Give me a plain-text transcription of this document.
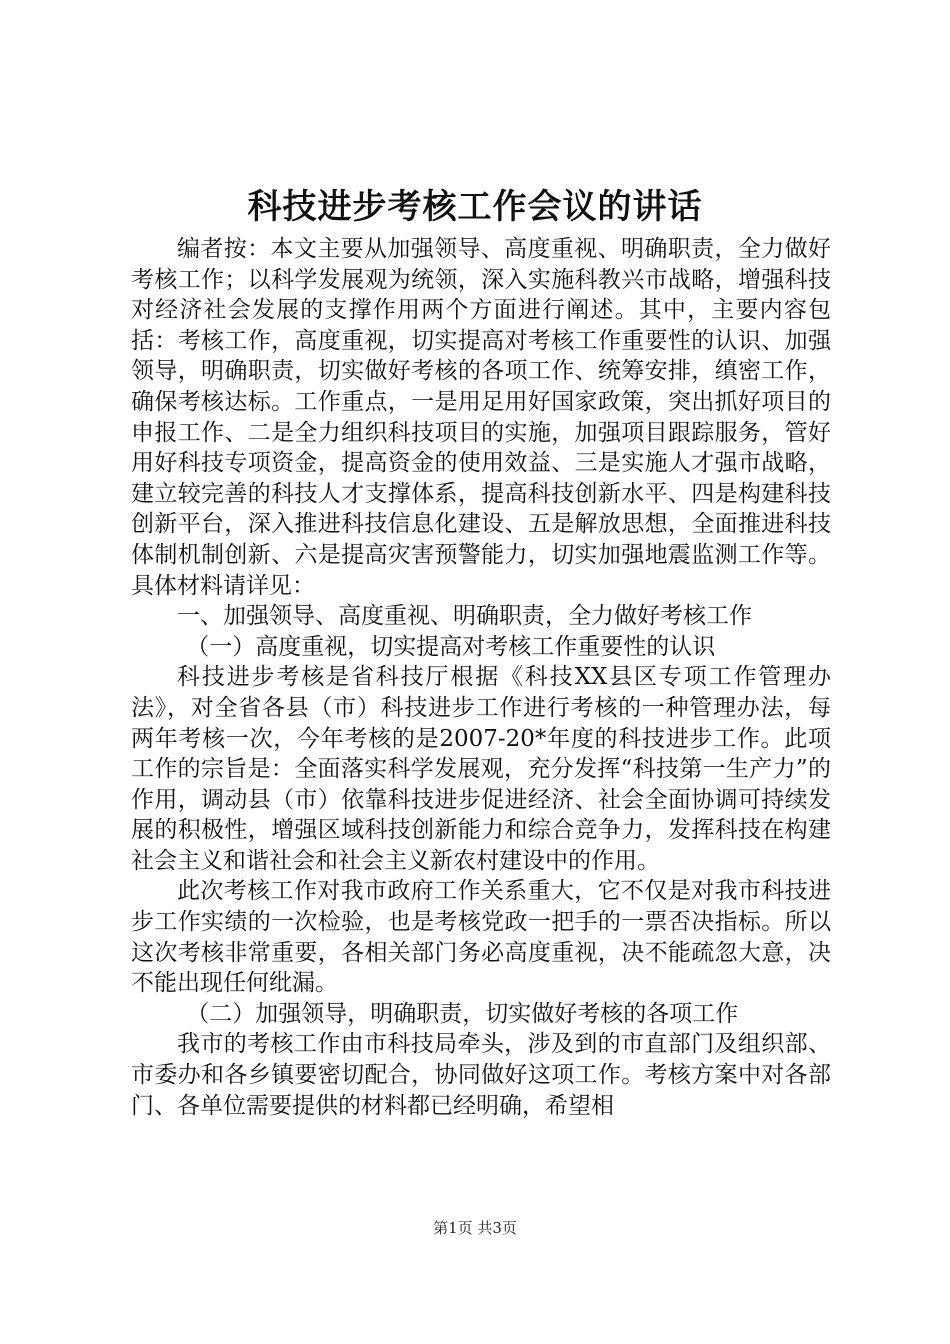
科技进步考核工作会议的讲话

编者按：本文主要从加强领导、高度重视、明确职责，全力做好考核工作；以科学发展观为统领，深入实施科教兴市战略，增强科技对经济社会发展的支撑作用两个方面进行阐述。其中，主要内容包括：考核工作，高度重视，切实提高对考核工作重要性的认识、加强领导，明确职责，切实做好考核的各项工作、统筹安排，缜密工作，确保考核达标。工作重点，一是用足用好国家政策，突出抓好项目的申报工作、二是全力组织科技项目的实施，加强项目跟踪服务，管好用好科技专项资金，提高资金的使用效益、三是实施人才强市战略，建立较完善的科技人才支撑体系，提高科技创新水平、四是构建科技创新平台，深入推进科技信息化建设、五是解放思想，全面推进科技体制机制创新、六是提高灾害预警能力，切实加强地震监测工作等。具体材料请详见：

一、加强领导、高度重视、明确职责，全力做好考核工作

（一）高度重视，切实提高对考核工作重要性的认识

科技进步考核是省科技厅根据《科技XX县区专项工作管理办法》，对全省各县（市）科技进步工作进行考核的一种管理办法，每两年考核一次，今年考核的是2007-20*年度的科技进步工作。此项工作的宗旨是：全面落实科学发展观，充分发挥“科技第一生产力”的作用，调动县（市）依靠科技进步促进经济、社会全面协调可持续发展的积极性，增强区域科技创新能力和综合竞争力，发挥科技在构建社会主义和谐社会和社会主义新农村建设中的作用。

此次考核工作对我市政府工作关系重大，它不仅是对我市科技进步工作实绩的一次检验，也是考核党政一把手的一票否决指标。所以这次考核非常重要，各相关部门务必高度重视，决不能疏忽大意，决不能出现任何纰漏。

（二）加强领导，明确职责，切实做好考核的各项工作

我市的考核工作由市科技局牵头，涉及到的市直部门及组织部、市委办和各乡镇要密切配合，协同做好这项工作。考核方案中对各部门、各单位需要提供的材料都已经明确，希望相

第1页 共3页
